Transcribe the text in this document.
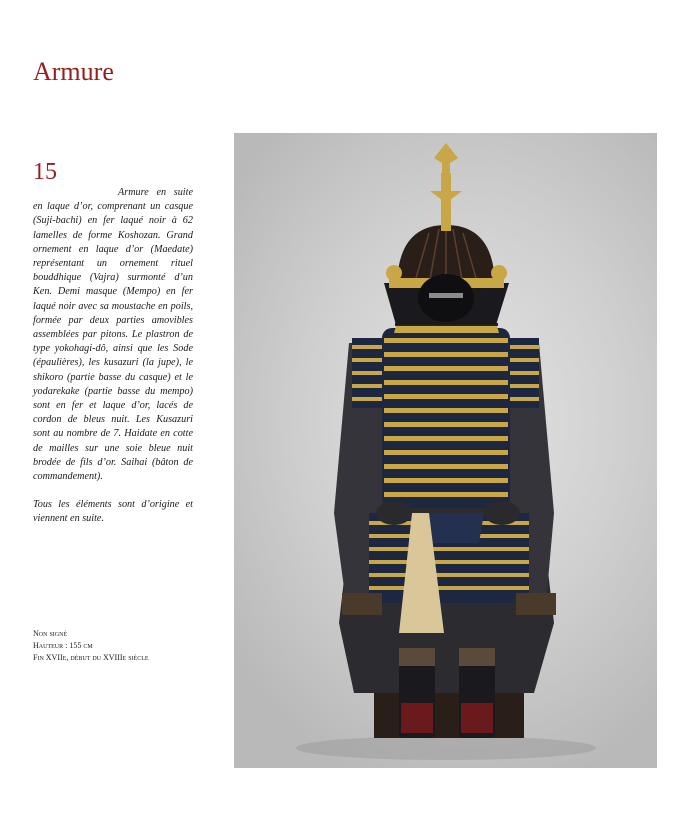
Armure
15

Armure en suite en laque d’or, comprenant un casque (Suji-bachi) en fer laqué noir à 62 lamelles de forme Koshozan. Grand ornement en laque d’or (Maedate) représentant un ornement rituel bouddhique (Vajra) surmonté d’un Ken. Demi masque (Mempo) en fer laqué noir avec sa moustache en poils, formée par deux parties amovibles assemblées par pitons. Le plastron de type yokohagi-dô, ainsi que les Sode (épaulières), les kusazuri (la jupe), le shikoro (partie basse du casque) et le yodarekake (partie basse du mempo) sont en fer et laque d’or, lacés de cordon de bleus nuit. Les Kusazuri sont au nombre de 7. Haidate en cotte de mailles sur une soie bleue nuit brodée de fils d’or. Saihai (bâton de commandement).

Tous les éléments sont d’origine et viennent en suite.

Non signé
Hauteur : 155 cm
Fin XVIIe, début du XVIIIe siècle
